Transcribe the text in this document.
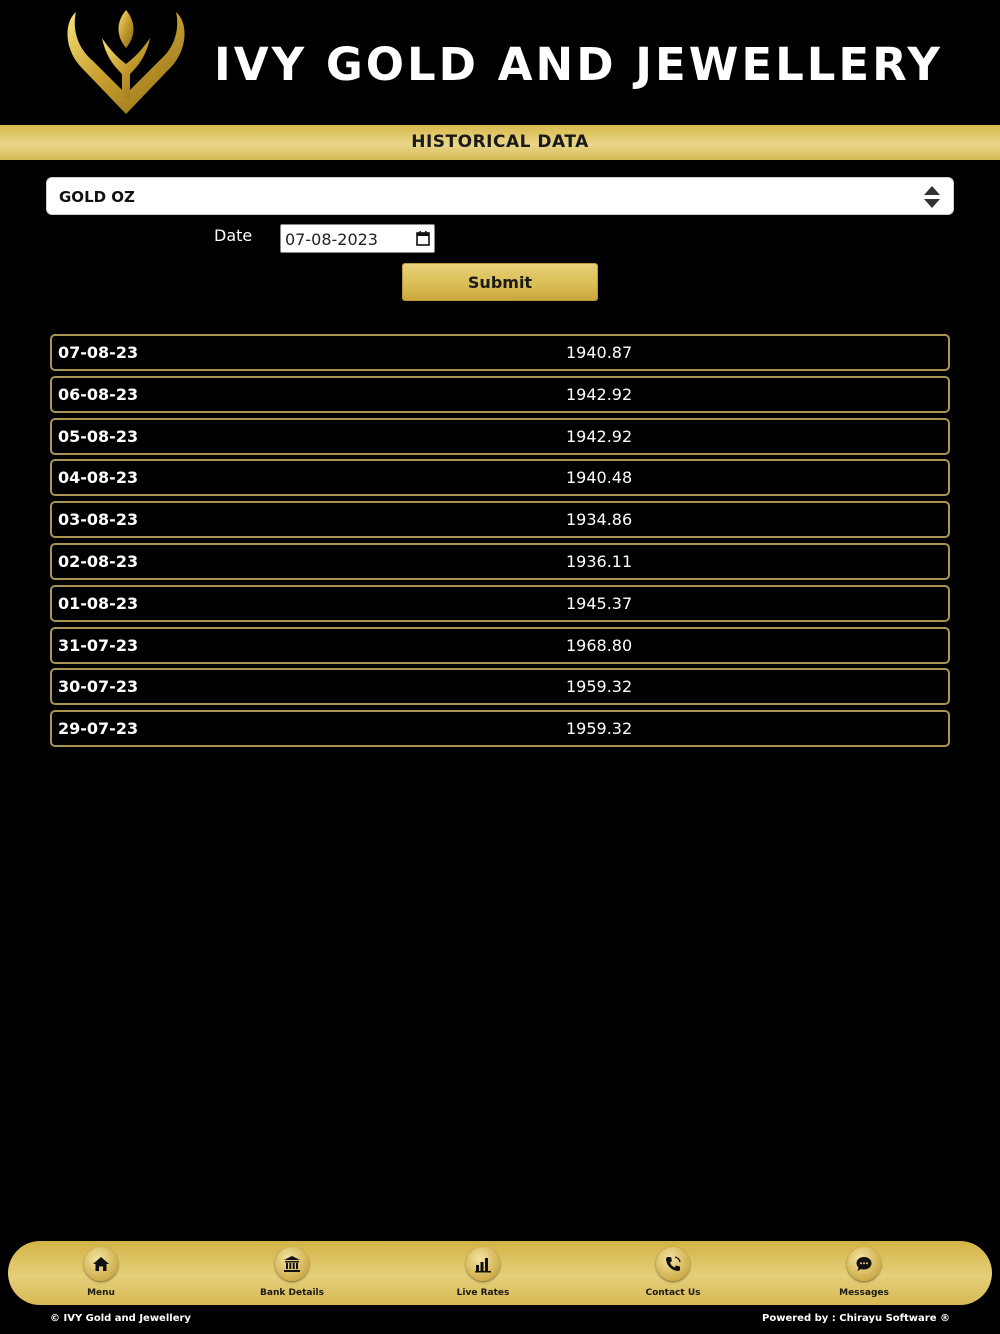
IVY GOLD AND JEWELLERY
HISTORICAL DATA
GOLD OZ
Date 07-08-2023
Submit
07-08-23	1940.87
06-08-23	1942.92
05-08-23	1942.92
04-08-23	1940.48
03-08-23	1934.86
02-08-23	1936.11
01-08-23	1945.37
31-07-23	1968.80
30-07-23	1959.32
29-07-23	1959.32
Menu	Bank Details	Live Rates	Contact Us	Messages
© IVY Gold and Jewellery	Powered by : Chirayu Software ®
